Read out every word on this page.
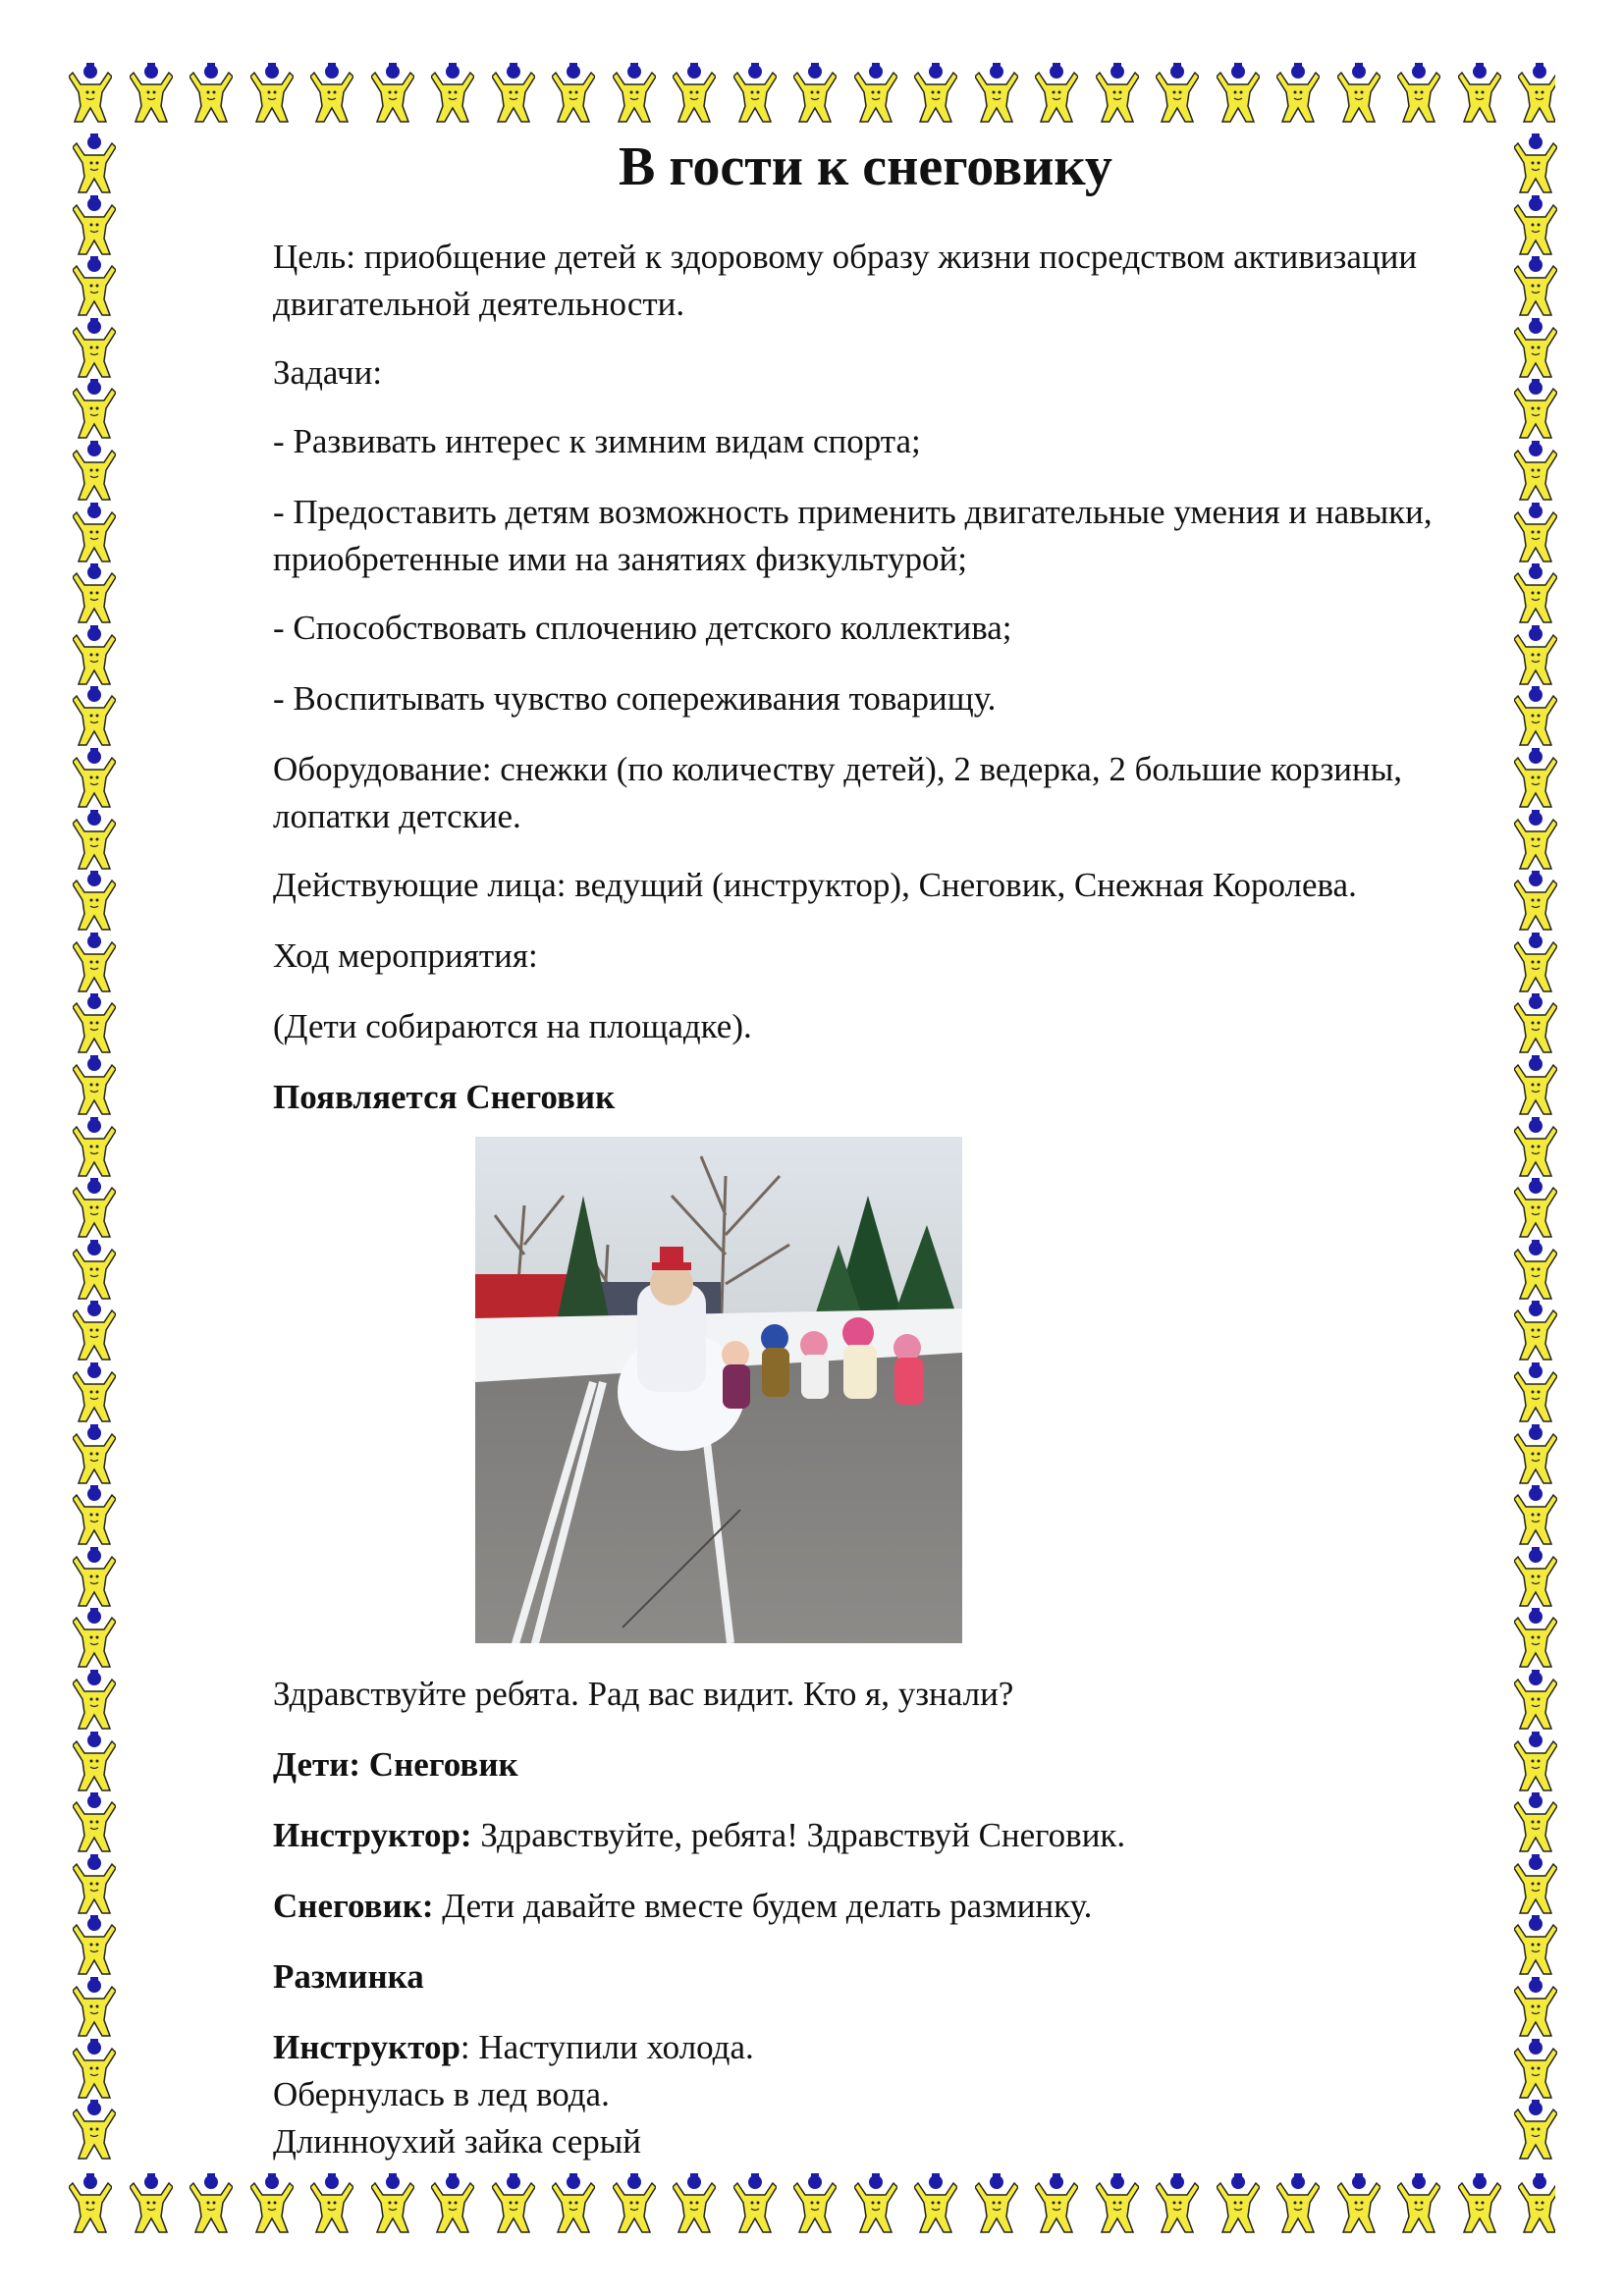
В гости к снеговику

Цель: приобщение детей к здоровому образу жизни посредством активизации двигательной деятельности.

Задачи:

- Развивать интерес к зимним видам спорта;

- Предоставить детям возможность применить двигательные умения и навыки, приобретенные ими на занятиях физкультурой;

- Способствовать сплочению детского коллектива;

- Воспитывать чувство сопереживания товарищу.

Оборудование: снежки (по количеству детей), 2 ведерка, 2 большие корзины, лопатки детские.

Действующие лица: ведущий (инструктор), Снеговик, Снежная Королева.

Ход мероприятия:

(Дети собираются на площадке).

Появляется Снеговик

Здравствуйте ребята. Рад вас видит. Кто я, узнали?

Дети: Снеговик

Инструктор: Здравствуйте, ребята! Здравствуй Снеговик.

Снеговик: Дети давайте вместе будем делать разминку.

Разминка

Инструктор: Наступили холода.
Обернулась в лед вода.
Длинноухий зайка серый
